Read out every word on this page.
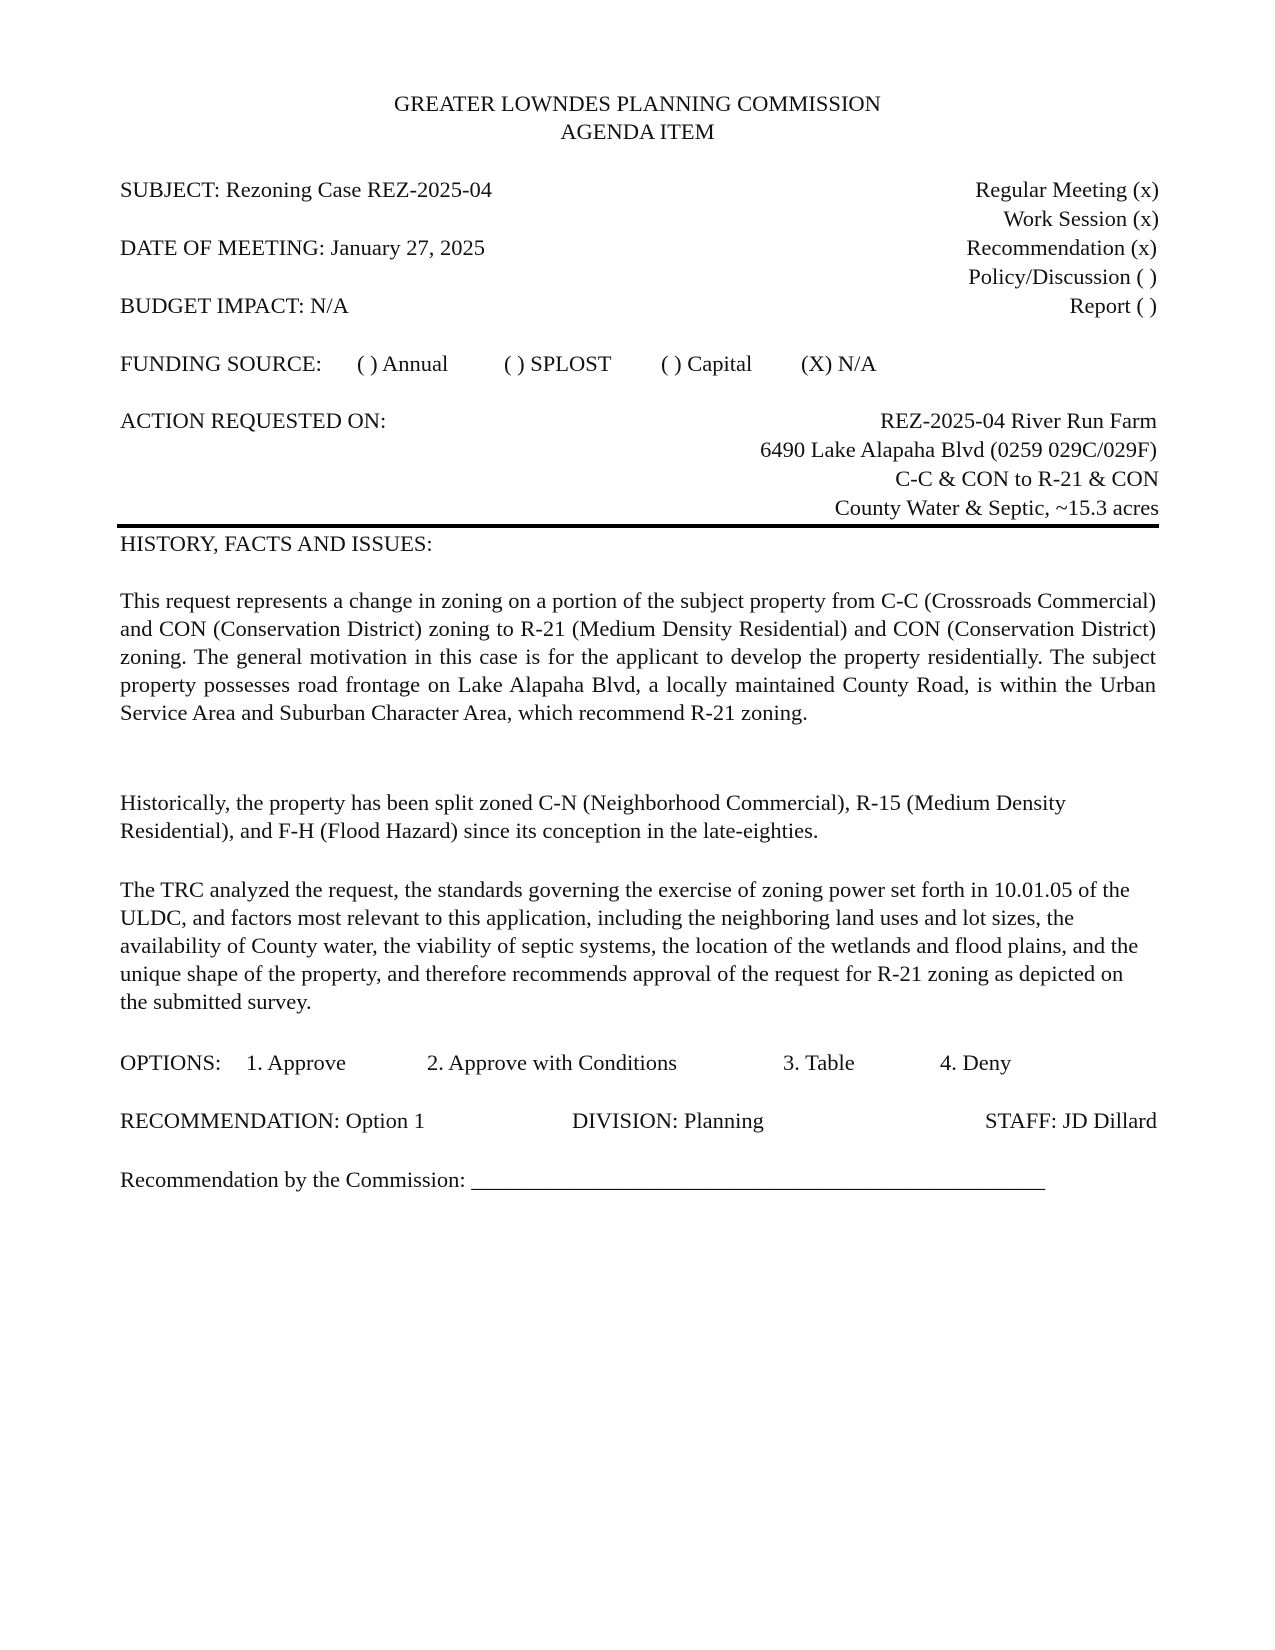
GREATER LOWNDES PLANNING COMMISSION
AGENDA ITEM
SUBJECT: Rezoning Case REZ-2025-04
DATE OF MEETING: January 27, 2025
BUDGET IMPACT: N/A
Regular Meeting (x)
Work Session (x)
Recommendation (x)
Policy/Discussion ( )
Report ( )
FUNDING SOURCE: ( ) Annual ( ) SPLOST ( ) Capital (X) N/A
ACTION REQUESTED ON:	REZ-2025-04 River Run Farm
6490 Lake Alapaha Blvd (0259 029C/029F)
C-C & CON to R-21 & CON
County Water & Septic, ~15.3 acres
HISTORY, FACTS AND ISSUES:
This request represents a change in zoning on a portion of the subject property from C-C (Crossroads Commercial) and CON (Conservation District) zoning to R-21 (Medium Density Residential) and CON (Conservation District) zoning. The general motivation in this case is for the applicant to develop the property residentially. The subject property possesses road frontage on Lake Alapaha Blvd, a locally maintained County Road, is within the Urban Service Area and Suburban Character Area, which recommend R-21 zoning.
Historically, the property has been split zoned C-N (Neighborhood Commercial), R-15 (Medium Density Residential), and F-H (Flood Hazard) since its conception in the late-eighties.
The TRC analyzed the request, the standards governing the exercise of zoning power set forth in 10.01.05 of the ULDC, and factors most relevant to this application, including the neighboring land uses and lot sizes, the availability of County water, the viability of septic systems, the location of the wetlands and flood plains, and the unique shape of the property, and therefore recommends approval of the request for R-21 zoning as depicted on the submitted survey.
OPTIONS: 1. Approve	2. Approve with Conditions	3. Table	4. Deny
RECOMMENDATION: Option 1	DIVISION: Planning	STAFF: JD Dillard
Recommendation by the Commission: ___________________________________________________
